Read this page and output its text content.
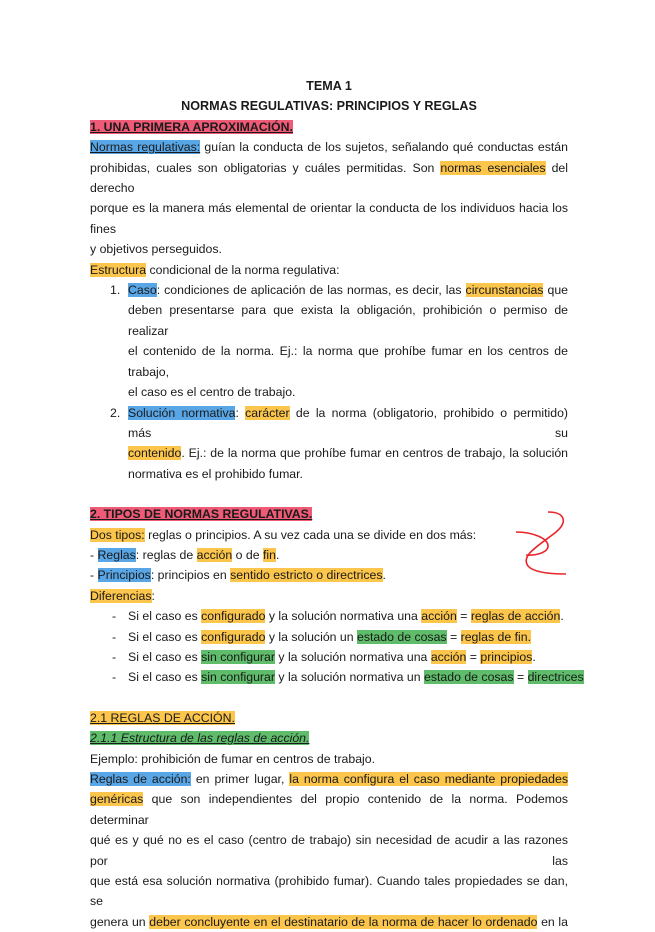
TEMA 1
NORMAS REGULATIVAS: PRINCIPIOS Y REGLAS
1. UNA PRIMERA APROXIMACIÓN.
Normas regulativas: guían la conducta de los sujetos, señalando qué conductas están
prohibidas, cuales son obligatorias y cuáles permitidas. Son normas esenciales del derecho
porque es la manera más elemental de orientar la conducta de los individuos hacia los fines
y objetivos perseguidos.
Estructura condicional de la norma regulativa:
1. Caso: condiciones de aplicación de las normas, es decir, las circunstancias que
deben presentarse para que exista la obligación, prohibición o permiso de realizar
el contenido de la norma. Ej.: la norma que prohíbe fumar en los centros de trabajo,
el caso es el centro de trabajo.
2. Solución normativa: carácter de la norma (obligatorio, prohibido o permitido) más su
contenido. Ej.: de la norma que prohíbe fumar en centros de trabajo, la solución
normativa es el prohibido fumar.
2. TIPOS DE NORMAS REGULATIVAS.
Dos tipos: reglas o principios. A su vez cada una se divide en dos más:
- Reglas: reglas de acción o de fin.
- Principios: principios en sentido estricto o directrices.
Diferencias:
- Si el caso es configurado y la solución normativa una acción = reglas de acción.
- Si el caso es configurado y la solución un estado de cosas = reglas de fin.
- Si el caso es sin configurar y la solución normativa una acción = principios.
- Si el caso es sin configurar y la solución normativa un estado de cosas = directrices
2.1 REGLAS DE ACCIÓN.
2.1.1 Estructura de las reglas de acción.
Ejemplo: prohibición de fumar en centros de trabajo.
Reglas de acción: en primer lugar, la norma configura el caso mediante propiedades
genéricas que son independientes del propio contenido de la norma. Podemos determinar
qué es y qué no es el caso (centro de trabajo) sin necesidad de acudir a las razones por las
que está esa solución normativa (prohibido fumar). Cuando tales propiedades se dan, se
genera un deber concluyente en el destinatario de la norma de hacer lo ordenado en la
